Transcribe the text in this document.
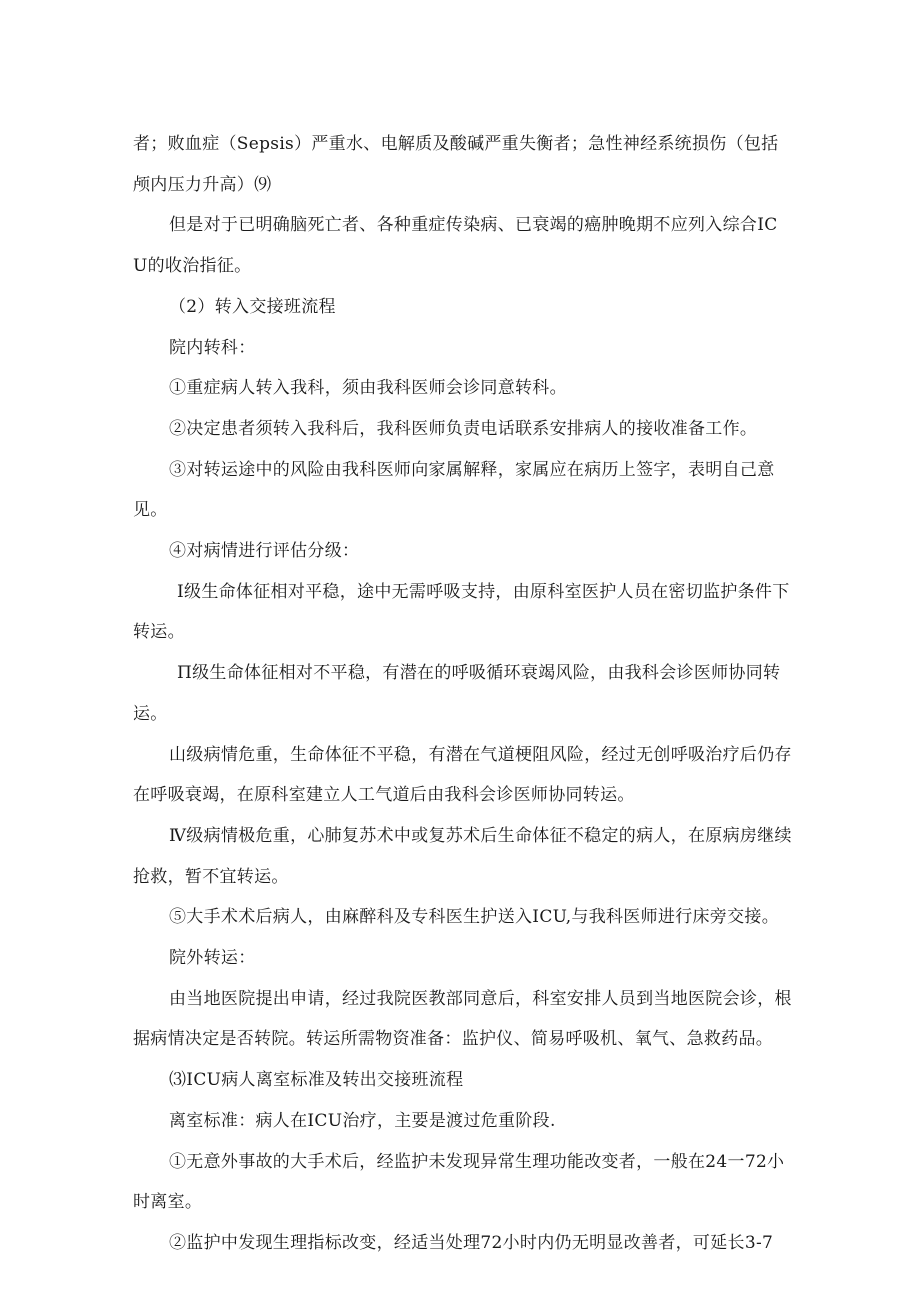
者；败血症（Sepsis）严重水、电解质及酸碱严重失衡者；急性神经系统损伤（包括颅内压力升高）⑼

但是对于已明确脑死亡者、各种重症传染病、已衰竭的癌肿晚期不应列入综合ICU的收治指征。

（2）转入交接班流程

院内转科：

①重症病人转入我科，须由我科医师会诊同意转科。

②决定患者须转入我科后，我科医师负责电话联系安排病人的接收准备工作。

③对转运途中的风险由我科医师向家属解释，家属应在病历上签字，表明自己意见。

④对病情进行评估分级：

Ⅰ级生命体征相对平稳，途中无需呼吸支持，由原科室医护人员在密切监护条件下转运。

Π级生命体征相对不平稳，有潜在的呼吸循环衰竭风险，由我科会诊医师协同转运。

山级病情危重，生命体征不平稳，有潜在气道梗阻风险，经过无创呼吸治疗后仍存在呼吸衰竭，在原科室建立人工气道后由我科会诊医师协同转运。

Ⅳ级病情极危重，心肺复苏术中或复苏术后生命体征不稳定的病人，在原病房继续抢救，暂不宜转运。

⑤大手术术后病人，由麻醉科及专科医生护送入ICU,与我科医师进行床旁交接。

院外转运：

由当地医院提出申请，经过我院医教部同意后，科室安排人员到当地医院会诊，根据病情决定是否转院。转运所需物资准备：监护仪、简易呼吸机、氧气、急救药品。

⑶ICU病人离室标准及转出交接班流程

离室标准：病人在ICU治疗，主要是渡过危重阶段.

①无意外事故的大手术后，经监护未发现异常生理功能改变者，一般在24一72小时离室。

②监护中发现生理指标改变，经适当处理72小时内仍无明显改善者，可延长3-7
